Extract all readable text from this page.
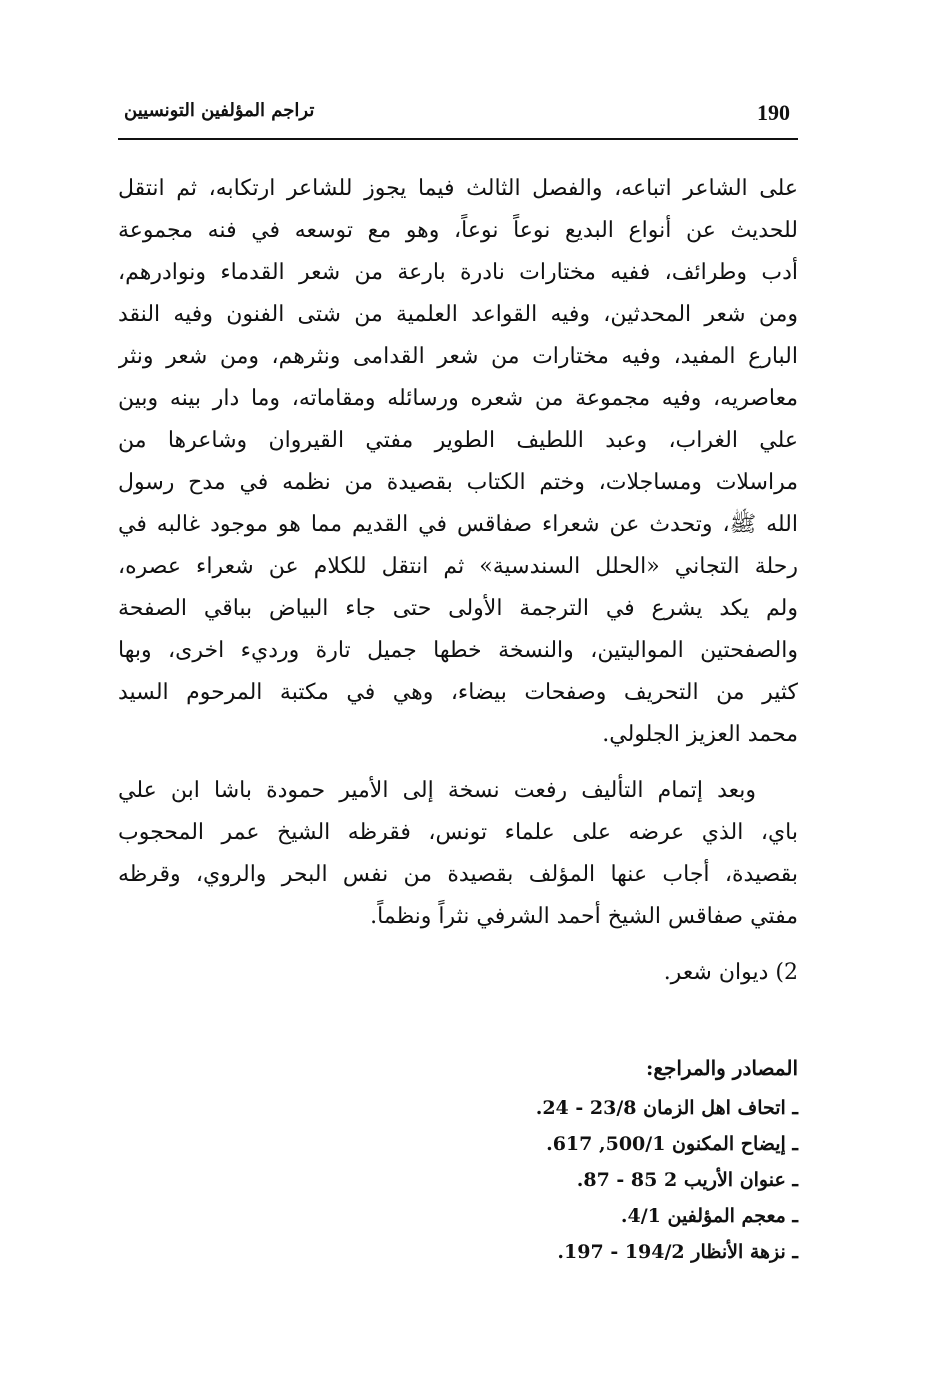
190
تراجم المؤلفين التونسيين
على الشاعر اتباعه، والفصل الثالث فيما يجوز للشاعر ارتكابه، ثم انتقل
للحديث عن أنواع البديع نوعاً نوعاً، وهو مع توسعه في فنه مجموعة
أدب وطرائف، ففيه مختارات نادرة بارعة من شعر القدماء ونوادرهم،
ومن شعر المحدثين، وفيه القواعد العلمية من شتى الفنون وفيه النقد
البارع المفيد، وفيه مختارات من شعر القدامى ونثرهم، ومن شعر ونثر
معاصريه، وفيه مجموعة من شعره ورسائله ومقاماته، وما دار بينه وبين
علي الغراب، وعبد اللطيف الطوير مفتي القيروان وشاعرها من
مراسلات ومساجلات، وختم الكتاب بقصيدة من نظمه في مدح رسول
الله ﷺ، وتحدث عن شعراء صفاقس في القديم مما هو موجود غالبه في
رحلة التجاني «الحلل السندسية» ثم انتقل للكلام عن شعراء عصره،
ولم يكد يشرع في الترجمة الأولى حتى جاء البياض بباقي الصفحة
والصفحتين المواليتين، والنسخة خطها جميل تارة ورديء اخرى، وبها
كثير من التحريف وصفحات بيضاء، وهي في مكتبة المرحوم السيد
محمد العزيز الجلولي.
وبعد إتمام التأليف رفعت نسخة إلى الأمير حمودة باشا ابن علي
باي، الذي عرضه على علماء تونس، فقرظه الشيخ عمر المحجوب
بقصيدة، أجاب عنها المؤلف بقصيدة من نفس البحر والروي، وقرظه
مفتي صفاقس الشيخ أحمد الشرفي نثراً ونظماً.
2) ديوان شعر.
المصادر والمراجع:
ـ اتحاف اهل الزمان 23/8 - 24.
ـ إيضاح المكنون 500/1, 617.
ـ عنوان الأريب 2 85 - 87.
ـ معجم المؤلفين 4/1.
ـ نزهة الأنظار 194/2 - 197.
